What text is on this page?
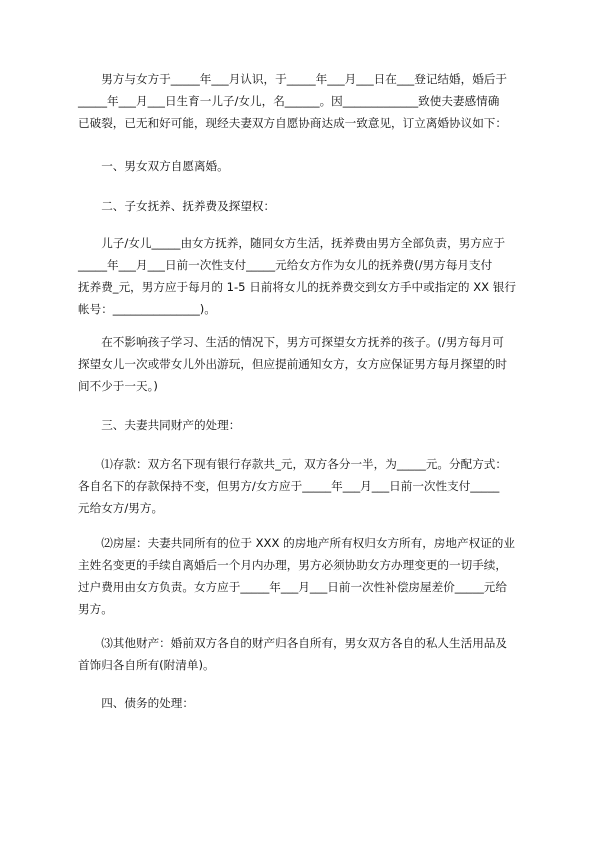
　　男方与女方于_____年___月认识，于_____年___月___日在___登记结婚，婚后于
_____年___月___日生育一儿子/女儿，名______。因_____________致使夫妻感情确
已破裂，已无和好可能，现经夫妻双方自愿协商达成一致意见，订立离婚协议如下：
　　一、男女双方自愿离婚。
　　二、子女抚养、抚养费及探望权：
　　儿子/女儿_____由女方抚养，随同女方生活，抚养费由男方全部负责，男方应于
_____年___月___日前一次性支付_____元给女方作为女儿的抚养费(/男方每月支付
抚养费_元，男方应于每月的 1-5 日前将女儿的抚养费交到女方手中或指定的 XX 银行
帐号：_______________)。
　　在不影响孩子学习、生活的情况下，男方可探望女方抚养的孩子。(/男方每月可
探望女儿一次或带女儿外出游玩，但应提前通知女方，女方应保证男方每月探望的时
间不少于一天。)
　　三、夫妻共同财产的处理：
　　⑴存款：双方名下现有银行存款共_元，双方各分一半，为_____元。分配方式：
各自名下的存款保持不变，但男方/女方应于_____年___月___日前一次性支付_____
元给女方/男方。
　　⑵房屋：夫妻共同所有的位于 XXX 的房地产所有权归女方所有，房地产权证的业
主姓名变更的手续自离婚后一个月内办理，男方必须协助女方办理变更的一切手续，
过户费用由女方负责。女方应于_____年___月___日前一次性补偿房屋差价_____元给
男方。
　　⑶其他财产：婚前双方各自的财产归各自所有，男女双方各自的私人生活用品及
首饰归各自所有(附清单)。
　　四、债务的处理：
